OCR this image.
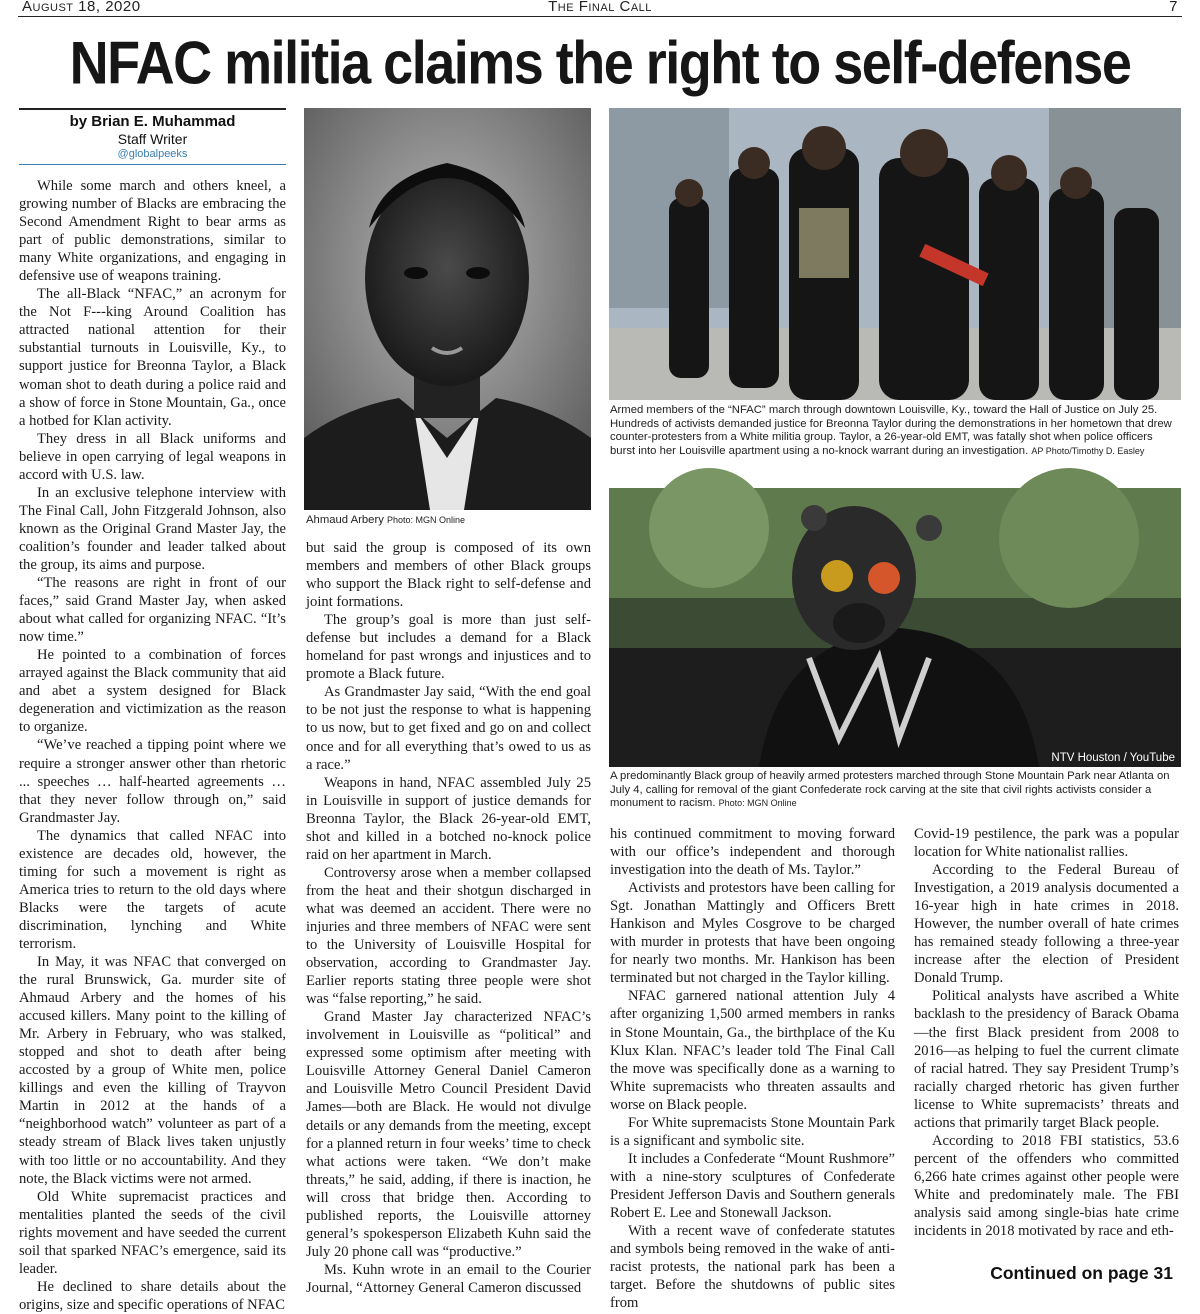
August 18, 2020	The Final Call	7
NFAC militia claims the right to self-defense
by Brian E. Muhammad
Staff Writer
@globalpeeks

While some march and others kneel, a growing number of Blacks are embracing the Second Amendment Right to bear arms as part of public demonstrations, similar to many White organizations, and engaging in defensive use of weapons training.

The all-Black “NFAC,” an acronym for the Not F---king Around Coalition has attracted national attention for their substantial turnouts in Louisville, Ky., to support justice for Breonna Taylor, a Black woman shot to death during a police raid and a show of force in Stone Mountain, Ga., once a hotbed for Klan activity.

They dress in all Black uniforms and believe in open carrying of legal weapons in accord with U.S. law.

In an exclusive telephone interview with The Final Call, John Fitzgerald Johnson, also known as the Original Grand Master Jay, the coalition’s founder and leader talked about the group, its aims and purpose.

“The reasons are right in front of our faces,” said Grand Master Jay, when asked about what called for organizing NFAC. “It’s now time.”

He pointed to a combination of forces arrayed against the Black community that aid and abet a system designed for Black degeneration and victimization as the reason to organize.

“We’ve reached a tipping point where we require a stronger answer other than rhetoric ... speeches … half-hearted agreements … that they never follow through on,” said Grandmaster Jay.

The dynamics that called NFAC into existence are decades old, however, the timing for such a movement is right as America tries to return to the old days where Blacks were the targets of acute discrimination, lynching and White terrorism.

In May, it was NFAC that converged on the rural Brunswick, Ga. murder site of Ahmaud Arbery and the homes of his accused killers. Many point to the killing of Mr. Arbery in February, who was stalked, stopped and shot to death after being accosted by a group of White men, police killings and even the killing of Trayvon Martin in 2012 at the hands of a “neighborhood watch” volunteer as part of a steady stream of Black lives taken unjustly with too little or no accountability. And they note, the Black victims were not armed.

Old White supremacist practices and mentalities planted the seeds of the civil rights movement and have seeded the current soil that sparked NFAC’s emergence, said its leader.

He declined to share details about the origins, size and specific operations of NFAC

Ahmaud Arbery Photo: MGN Online

but said the group is composed of its own members and members of other Black groups who support the Black right to self-defense and joint formations.

The group’s goal is more than just self-defense but includes a demand for a Black homeland for past wrongs and injustices and to promote a Black future.

As Grandmaster Jay said, “With the end goal to be not just the response to what is happening to us now, but to get fixed and go on and collect once and for all everything that’s owed to us as a race.”

Weapons in hand, NFAC assembled July 25 in Louisville in support of justice demands for Breonna Taylor, the Black 26-year-old EMT, shot and killed in a botched no-knock police raid on her apartment in March.

Controversy arose when a member collapsed from the heat and their shotgun discharged in what was deemed an accident. There were no injuries and three members of NFAC were sent to the University of Louisville Hospital for observation, according to Grandmaster Jay. Earlier reports stating three people were shot was “false reporting,” he said.

Grand Master Jay characterized NFAC’s involvement in Louisville as “political” and expressed some optimism after meeting with Louisville Attorney General Daniel Cameron and Louisville Metro Council President David James—both are Black. He would not divulge details or any demands from the meeting, except for a planned return in four weeks’ time to check what actions were taken. “We don’t make threats,” he said, adding, if there is inaction, he will cross that bridge then. According to published reports, the Louisville attorney general’s spokesperson Elizabeth Kuhn said the July 20 phone call was “productive.”

Ms. Kuhn wrote in an email to the Courier Journal, “Attorney General Cameron discussed

Armed members of the “NFAC” march through downtown Louisville, Ky., toward the Hall of Justice on July 25. Hundreds of activists demanded justice for Breonna Taylor during the demonstrations in her hometown that drew counter-protesters from a White militia group. Taylor, a 26-year-old EMT, was fatally shot when police officers burst into her Louisville apartment using a no-knock warrant during an investigation. AP Photo/Timothy D. Easley
NTV Houston / YouTube
A predominantly Black group of heavily armed protesters marched through Stone Mountain Park near Atlanta on July 4, calling for removal of the giant Confederate rock carving at the site that civil rights activists consider a monument to racism. Photo: MGN Online

his continued commitment to moving forward with our office’s independent and thorough investigation into the death of Ms. Taylor.”

Activists and protestors have been calling for Sgt. Jonathan Mattingly and Officers Brett Hankison and Myles Cosgrove to be charged with murder in protests that have been ongoing for nearly two months. Mr. Hankison has been terminated but not charged in the Taylor killing.

NFAC garnered national attention July 4 after organizing 1,500 armed members in ranks in Stone Mountain, Ga., the birthplace of the Ku Klux Klan. NFAC’s leader told The Final Call the move was specifically done as a warning to White supremacists who threaten assaults and worse on Black people.

For White supremacists Stone Mountain Park is a significant and symbolic site.

It includes a Confederate “Mount Rushmore” with a nine-story sculptures of Confederate President Jefferson Davis and Southern generals Robert E. Lee and Stonewall Jackson.

With a recent wave of confederate statutes and symbols being removed in the wake of anti-racist protests, the national park has been a target. Before the shutdowns of public sites from

Covid-19 pestilence, the park was a popular location for White nationalist rallies.

According to the Federal Bureau of Investigation, a 2019 analysis documented a 16-year high in hate crimes in 2018. However, the number overall of hate crimes has remained steady following a three-year increase after the election of President Donald Trump.

Political analysts have ascribed a White backlash to the presidency of Barack Obama—the first Black president from 2008 to 2016—as helping to fuel the current climate of racial hatred. They say President Trump’s racially charged rhetoric has given further license to White supremacists’ threats and actions that primarily target Black people.

According to 2018 FBI statistics, 53.6 percent of the offenders who committed 6,266 hate crimes against other people were White and predominately male. The FBI analysis said among single-bias hate crime incidents in 2018 motivated by race and eth-

Continued on page 31
